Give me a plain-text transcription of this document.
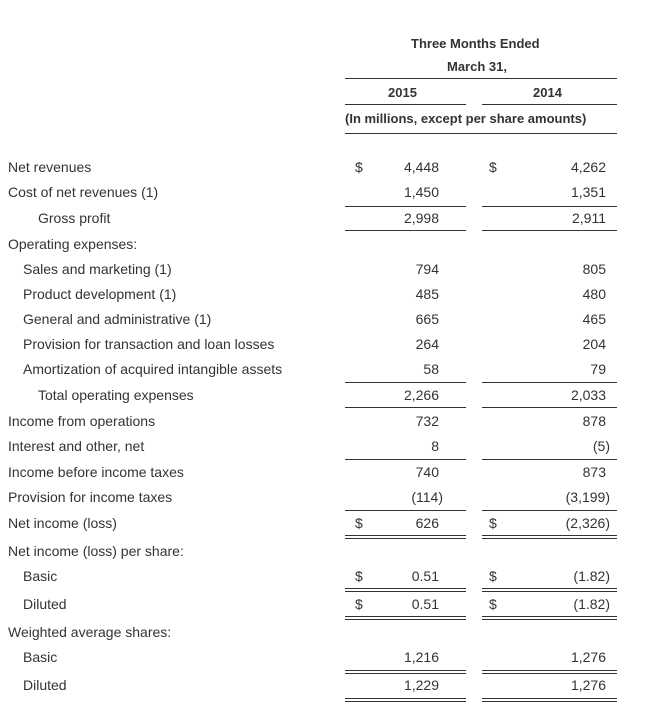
Three Months Ended
March 31,
2015	2014
(In millions, except per share amounts)
Net revenues	$	4,448	$	4,262
Cost of net revenues (1)	1,450	1,351
Gross profit	2,998	2,911
Operating expenses:
Sales and marketing (1)	794	805
Product development (1)	485	480
General and administrative (1)	665	465
Provision for transaction and loan losses	264	204
Amortization of acquired intangible assets	58	79
Total operating expenses	2,266	2,033
Income from operations	732	878
Interest and other, net	8	(5)
Income before income taxes	740	873
Provision for income taxes	(114)	(3,199)
Net income (loss)	$	626	$	(2,326)
Net income (loss) per share:
Basic	$	0.51	$	(1.82)
Diluted	$	0.51	$	(1.82)
Weighted average shares:
Basic	1,216	1,276
Diluted	1,229	1,276
